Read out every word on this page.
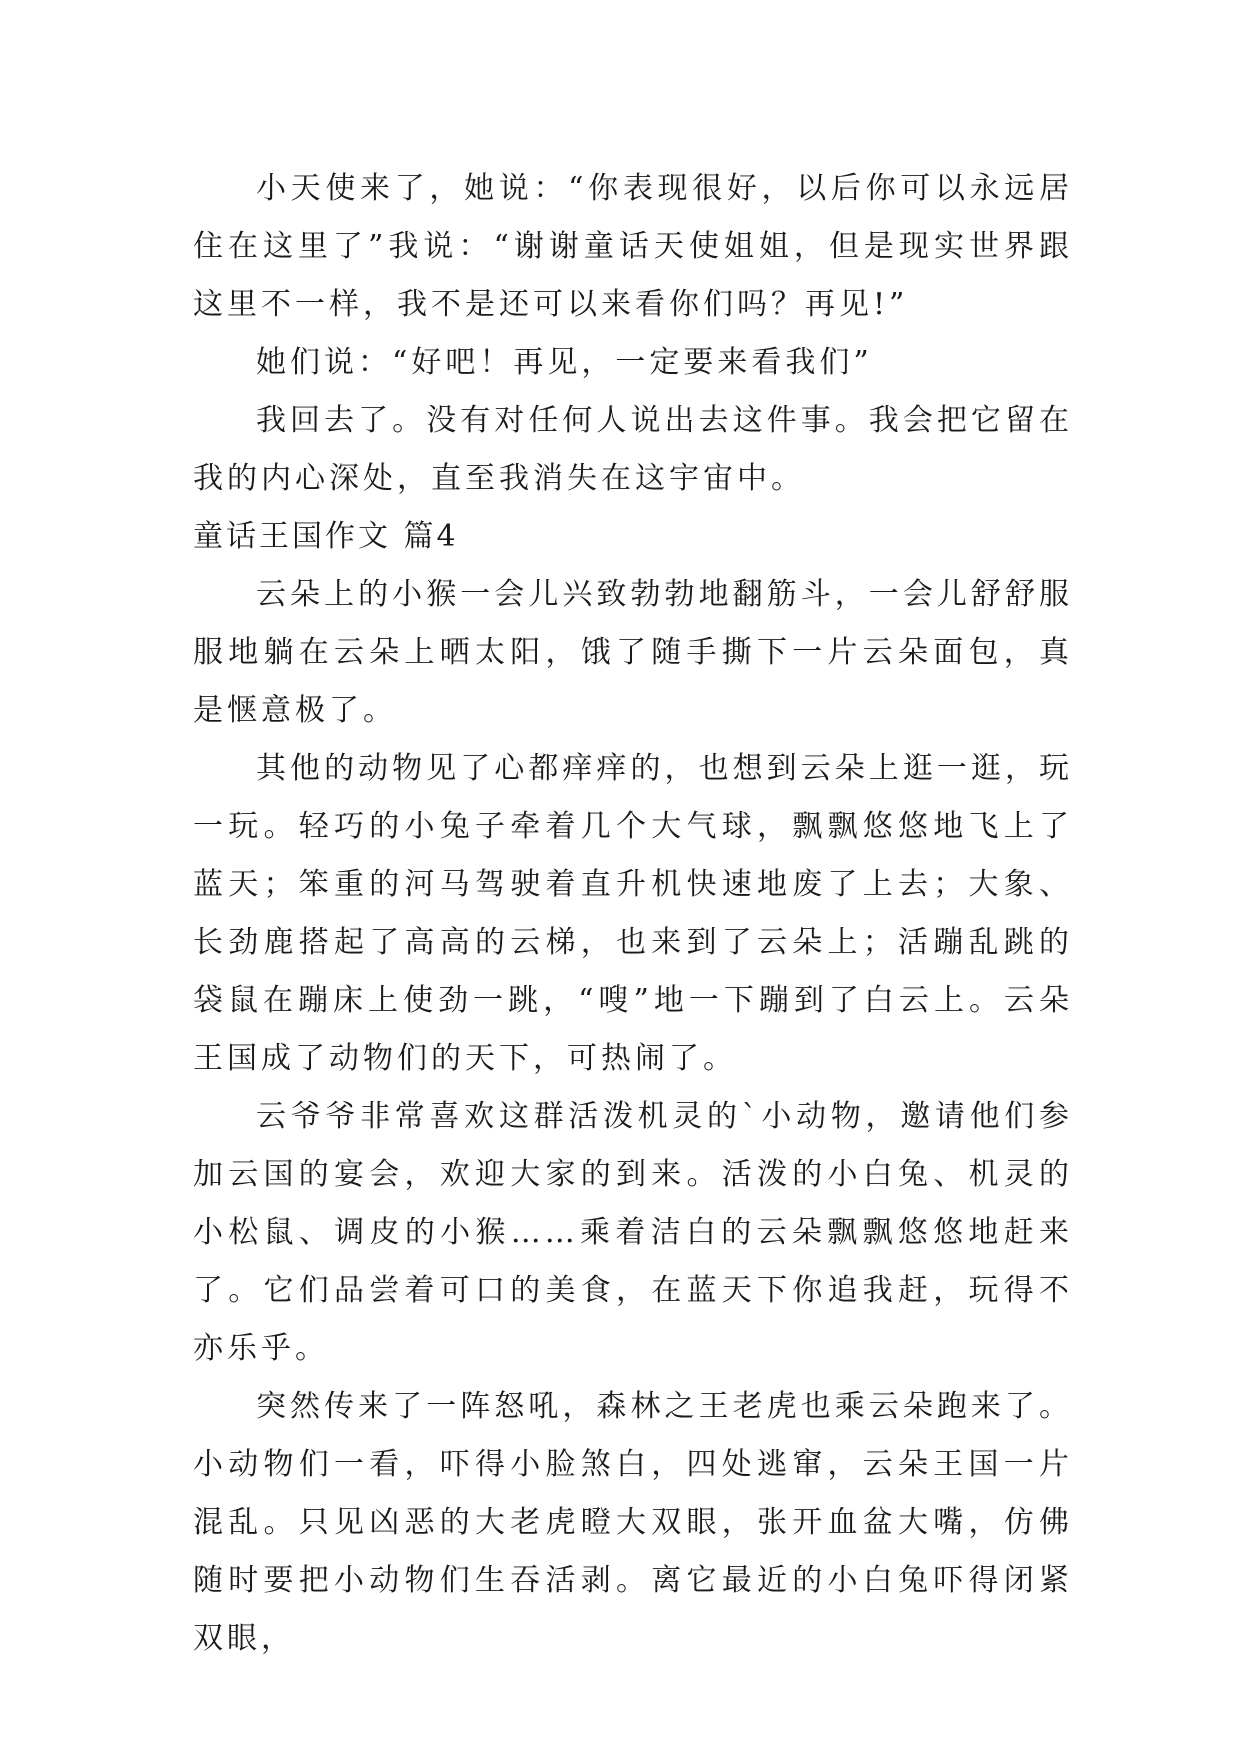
小天使来了，她说：“你表现很好，以后你可以永远居住在这里了”我说：“谢谢童话天使姐姐，但是现实世界跟这里不一样，我不是还可以来看你们吗？再见!”

她们说：“好吧！再见，一定要来看我们”

我回去了。没有对任何人说出去这件事。我会把它留在我的内心深处，直至我消失在这宇宙中。

童话王国作文 篇4

云朵上的小猴一会儿兴致勃勃地翻筋斗，一会儿舒舒服服地躺在云朵上晒太阳，饿了随手撕下一片云朵面包，真是惬意极了。

其他的动物见了心都痒痒的，也想到云朵上逛一逛，玩一玩。轻巧的小兔子牵着几个大气球，飘飘悠悠地飞上了蓝天；笨重的河马驾驶着直升机快速地废了上去；大象、长劲鹿搭起了高高的云梯，也来到了云朵上；活蹦乱跳的袋鼠在蹦床上使劲一跳，“嗖”地一下蹦到了白云上。云朵王国成了动物们的天下，可热闹了。

云爷爷非常喜欢这群活泼机灵的`小动物，邀请他们参加云国的宴会，欢迎大家的到来。活泼的小白兔、机灵的小松鼠、调皮的小猴……乘着洁白的云朵飘飘悠悠地赶来了。它们品尝着可口的美食，在蓝天下你追我赶，玩得不亦乐乎。

突然传来了一阵怒吼，森林之王老虎也乘云朵跑来了。小动物们一看，吓得小脸煞白，四处逃窜，云朵王国一片混乱。只见凶恶的大老虎瞪大双眼，张开血盆大嘴，仿佛随时要把小动物们生吞活剥。离它最近的小白兔吓得闭紧双眼，
